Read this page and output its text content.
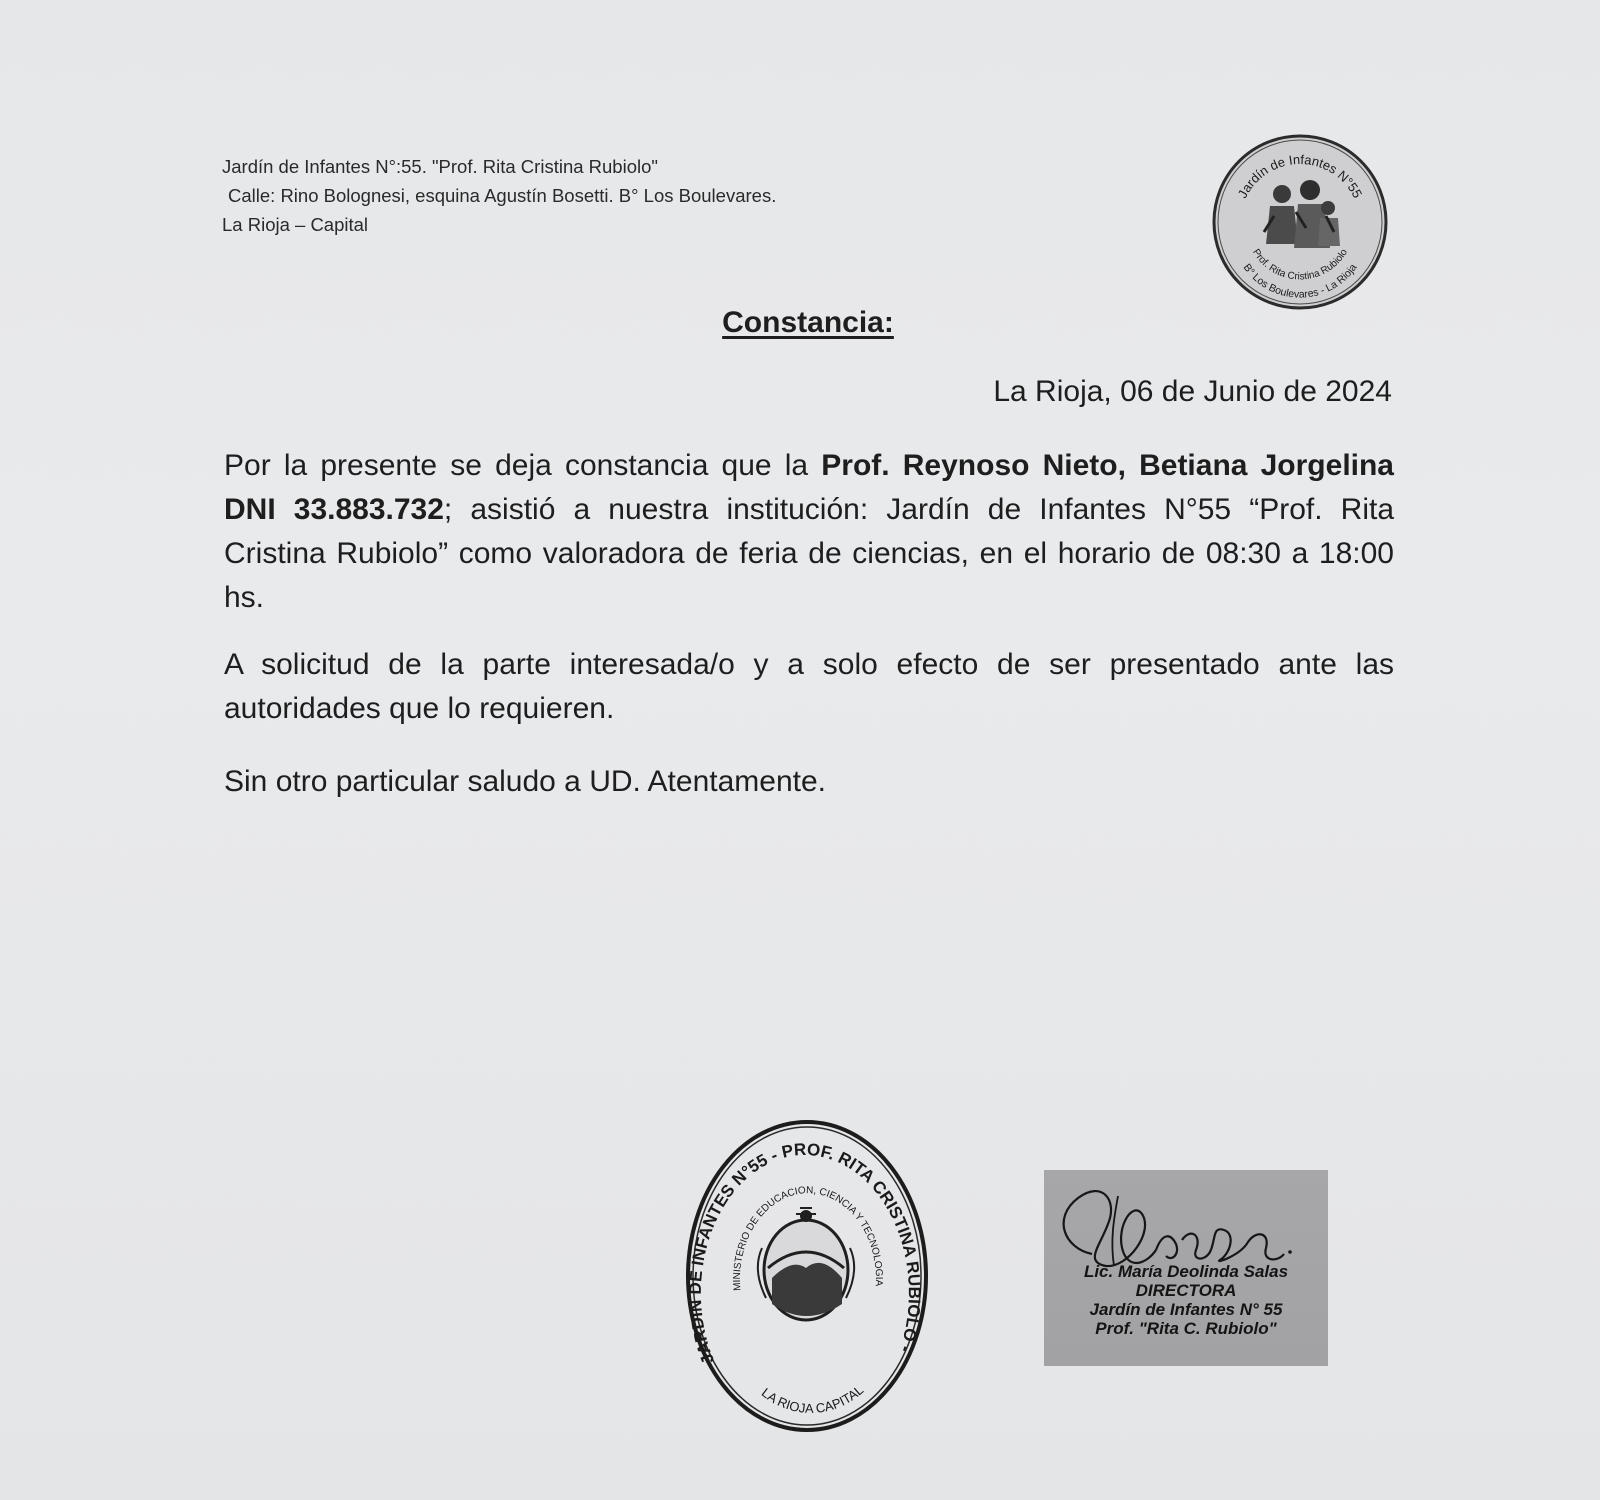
Jardín de Infantes N°:55. "Prof. Rita Cristina Rubiolo"
Calle: Rino Bolognesi, esquina Agustín Bosetti. B° Los Boulevares.
La Rioja – Capital
Jardín de Infantes N°55
Prof. Rita Cristina Rubiolo
B° Los Boulevares - La Rioja
Constancia:
La Rioja, 06 de Junio de 2024
Por la presente se deja constancia que la Prof. Reynoso Nieto, Betiana Jorgelina DNI 33.883.732; asistió a nuestra institución: Jardín de Infantes N°55 “Prof. Rita Cristina Rubiolo” como valoradora de feria de ciencias, en el horario de 08:30 a 18:00 hs.
A solicitud de la parte interesada/o y a solo efecto de ser presentado ante las autoridades que lo requieren.
Sin otro particular saludo a UD. Atentamente.
JARDIN DE INFANTES N°55 - PROF. RITA CRISTINA RUBIOLO -
MINISTERIO DE EDUCACION, CIENCIA Y TECNOLOGIA
LA RIOJA CAPITAL
Lic. María Deolinda Salas
DIRECTORA
Jardín de Infantes N° 55
Prof. "Rita C. Rubiolo"
